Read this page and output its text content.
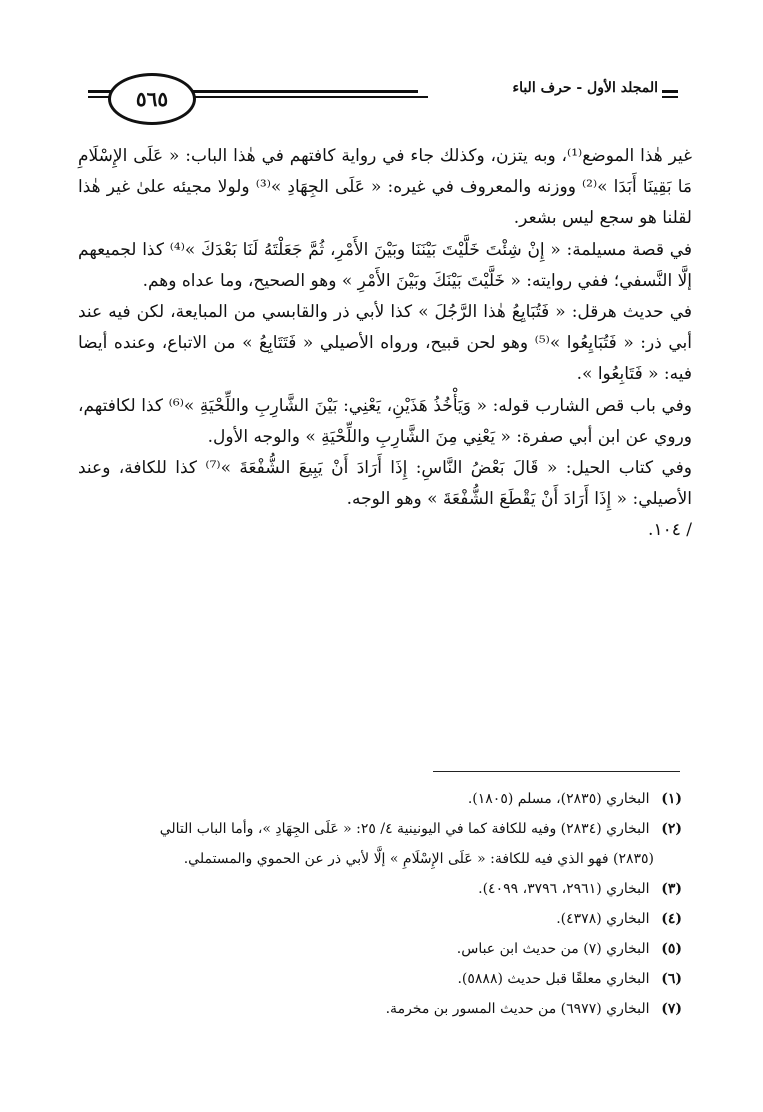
٥٦٥	المجلد الأول - حرف الباء

غير هٰذا الموضع⁽¹⁾، وبه يتزن، وكذلك جاء في رواية كافتهم في هٰذا الباب: « عَلَى الإِسْلَامِ مَا بَقِينَا أَبَدَا »⁽²⁾ ووزنه والمعروف في غيره: « عَلَى الجِهَادِ »⁽³⁾ ولولا مجيئه علىٰ غير هٰذا لقلنا هو سجع ليس بشعر.

في قصة مسيلمة: « إِنْ شِئْتَ خَلَّيْتَ بَيْنَنَا وبَيْنَ الأَمْرِ، ثُمَّ جَعَلْتَهُ لَنَا بَعْدَكَ »⁽⁴⁾ كذا لجميعهم إلَّا النَّسفي؛ ففي روايته: « خَلَّيْتَ بَيْنَكَ وبَيْنَ الأَمْرِ » وهو الصحيح، وما عداه وهم.

في حديث هرقل: « فَتُبَايِعُ هٰذا الرَّجُلَ » كذا لأبي ذر والقابسي من المبايعة، لكن فيه عند أبي ذر: « فَتُبَايِعُوا »⁽⁵⁾ وهو لحن قبيح، ورواه الأصيلي « فَتَتَابِعُ » من الاتباع، وعنده أيضا فيه: « فَتَابِعُوا ».

وفي باب قص الشارب قوله: « وَيَأْخُذُ هَذَيْنِ، يَعْنِي: بَيْنَ الشَّارِبِ واللِّحْيَةِ »⁽⁶⁾ كذا لكافتهم، وروي عن ابن أبي صفرة: « يَعْنِي مِنَ الشَّارِبِ واللِّحْيَةِ » والوجه الأول.

وفي كتاب الحيل: « قَالَ بَعْضُ النَّاسِ: إِذَا أَرَادَ أَنْ يَبِيعَ الشُّفْعَةَ »⁽⁷⁾ كذا للكافة، وعند الأصيلي: « إِذَا أَرَادَ أَنْ يَقْطَعَ الشُّفْعَةَ » وهو الوجه.

/ ١٠٤.

(١) البخاري (٢٨٣٥)، مسلم (١٨٠٥).
(٢) البخاري (٢٨٣٤) وفيه للكافة كما في اليونينية ٤/ ٢٥: « عَلَى الجِهَادِ »، وأما الباب التالي
(٢٨٣٥) فهو الذي فيه للكافة: « عَلَى الإِسْلَامِ » إلَّا لأبي ذر عن الحموي والمستملي.
(٣) البخاري (٢٩٦١، ٣٧٩٦، ٤٠٩٩).
(٤) البخاري (٤٣٧٨).
(٥) البخاري (٧) من حديث ابن عباس.
(٦) البخاري معلقًا قبل حديث (٥٨٨٨).
(٧) البخاري (٦٩٧٧) من حديث المسور بن مخرمة.
